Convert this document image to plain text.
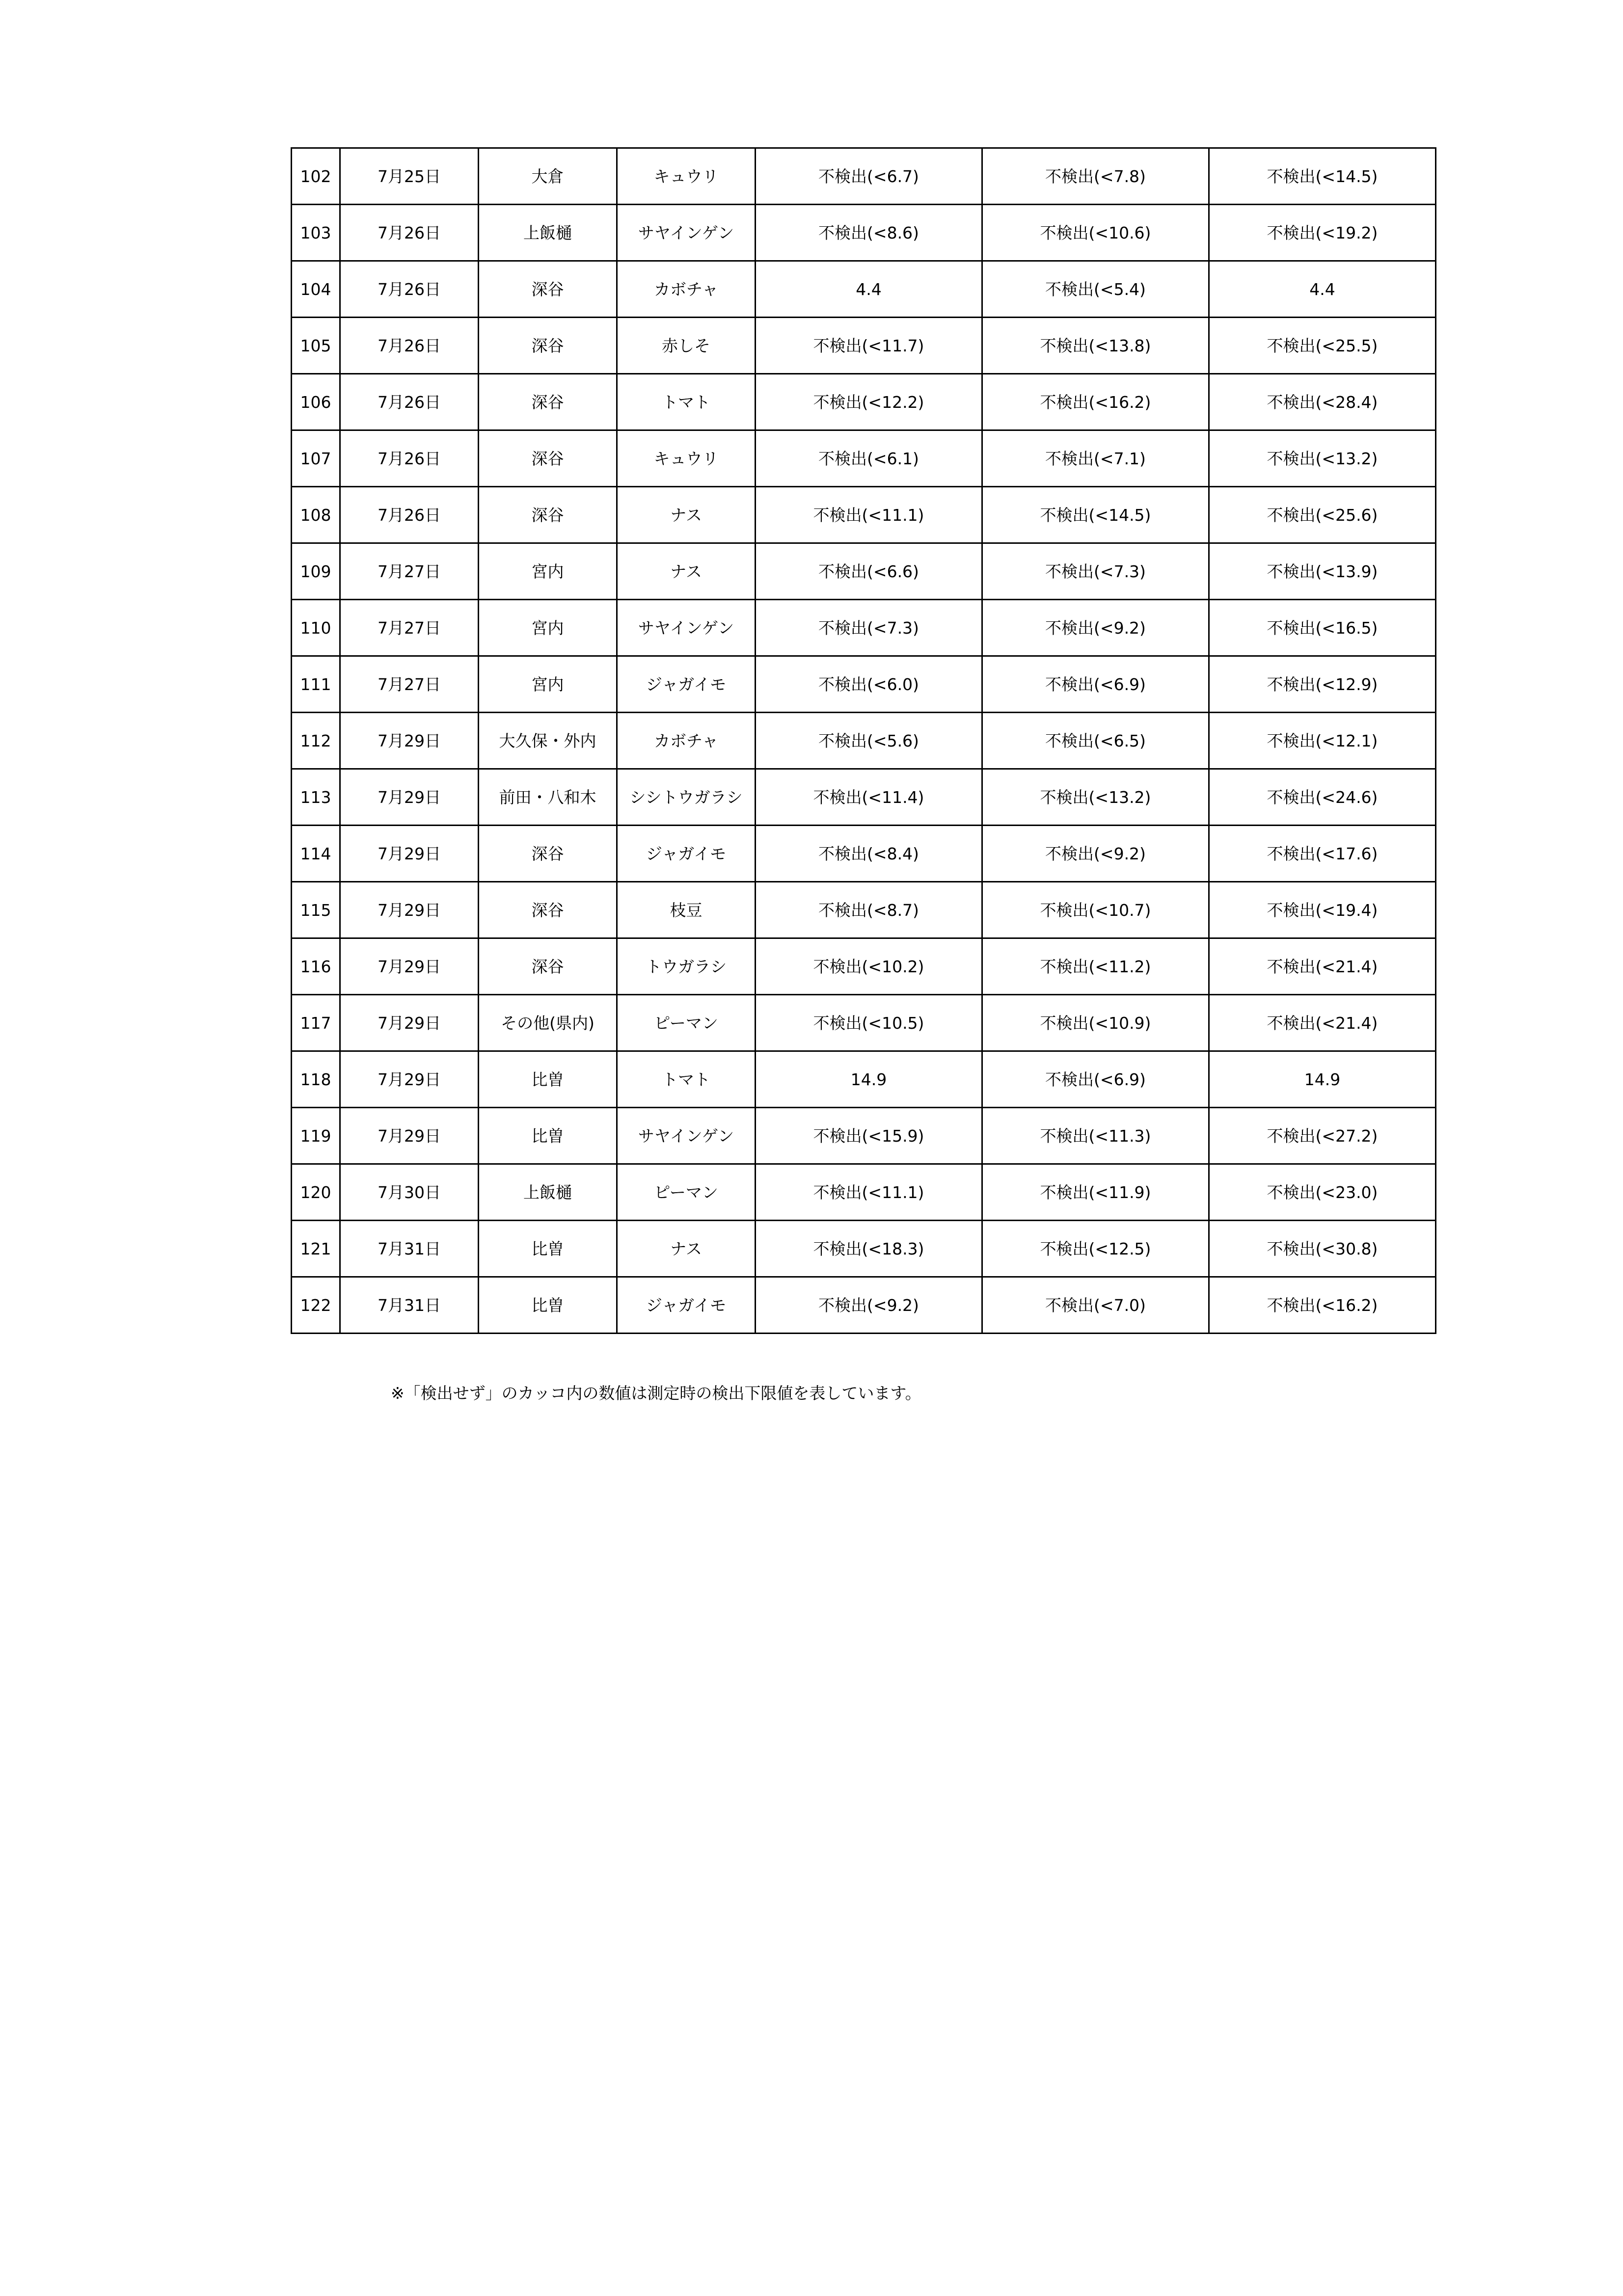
102	7月25日	大倉	キュウリ	不検出(<6.7)	不検出(<7.8)	不検出(<14.5)
103	7月26日	上飯樋	サヤインゲン	不検出(<8.6)	不検出(<10.6)	不検出(<19.2)
104	7月26日	深谷	カボチャ	4.4	不検出(<5.4)	4.4
105	7月26日	深谷	赤しそ	不検出(<11.7)	不検出(<13.8)	不検出(<25.5)
106	7月26日	深谷	トマト	不検出(<12.2)	不検出(<16.2)	不検出(<28.4)
107	7月26日	深谷	キュウリ	不検出(<6.1)	不検出(<7.1)	不検出(<13.2)
108	7月26日	深谷	ナス	不検出(<11.1)	不検出(<14.5)	不検出(<25.6)
109	7月27日	宮内	ナス	不検出(<6.6)	不検出(<7.3)	不検出(<13.9)
110	7月27日	宮内	サヤインゲン	不検出(<7.3)	不検出(<9.2)	不検出(<16.5)
111	7月27日	宮内	ジャガイモ	不検出(<6.0)	不検出(<6.9)	不検出(<12.9)
112	7月29日	大久保・外内	カボチャ	不検出(<5.6)	不検出(<6.5)	不検出(<12.1)
113	7月29日	前田・八和木	シシトウガラシ	不検出(<11.4)	不検出(<13.2)	不検出(<24.6)
114	7月29日	深谷	ジャガイモ	不検出(<8.4)	不検出(<9.2)	不検出(<17.6)
115	7月29日	深谷	枝豆	不検出(<8.7)	不検出(<10.7)	不検出(<19.4)
116	7月29日	深谷	トウガラシ	不検出(<10.2)	不検出(<11.2)	不検出(<21.4)
117	7月29日	その他(県内)	ピーマン	不検出(<10.5)	不検出(<10.9)	不検出(<21.4)
118	7月29日	比曽	トマト	14.9	不検出(<6.9)	14.9
119	7月29日	比曽	サヤインゲン	不検出(<15.9)	不検出(<11.3)	不検出(<27.2)
120	7月30日	上飯樋	ピーマン	不検出(<11.1)	不検出(<11.9)	不検出(<23.0)
121	7月31日	比曽	ナス	不検出(<18.3)	不検出(<12.5)	不検出(<30.8)
122	7月31日	比曽	ジャガイモ	不検出(<9.2)	不検出(<7.0)	不検出(<16.2)
※「検出せず」のカッコ内の数値は測定時の検出下限値を表しています。
